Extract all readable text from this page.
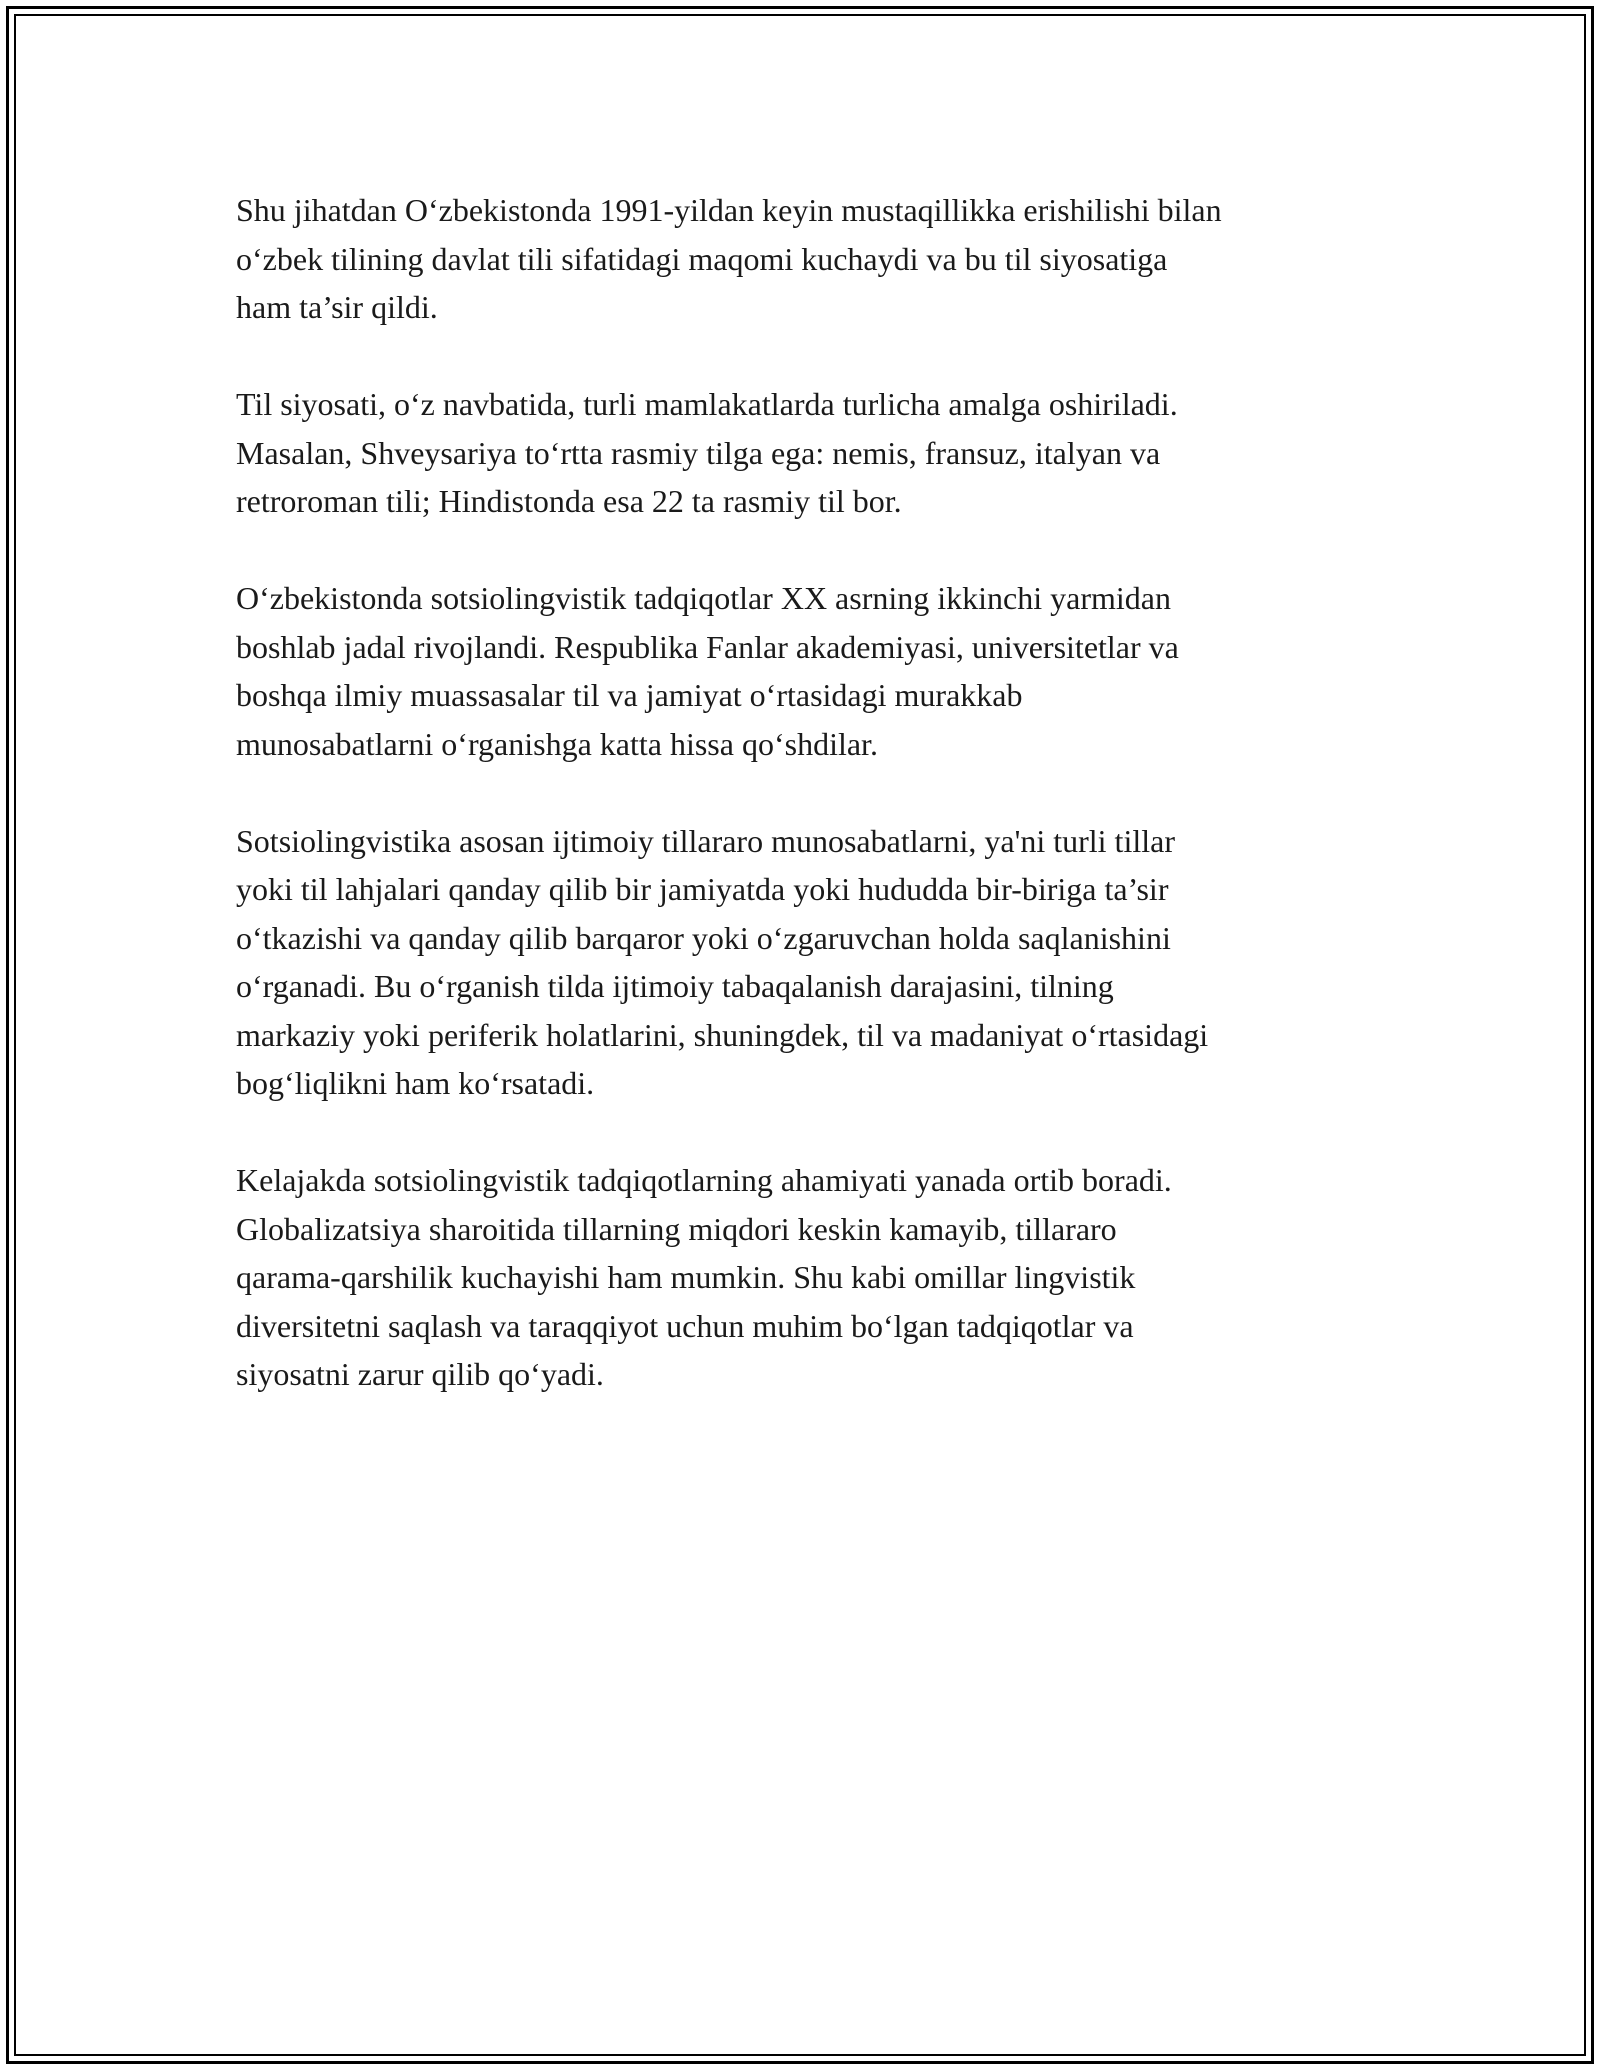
Shu jihatdan O‘zbekistonda 1991-yildan keyin mustaqillikka erishilishi bilan
o‘zbek tilining davlat tili sifatidagi maqomi kuchaydi va bu til siyosatiga
ham ta’sir qildi.

Til siyosati, o‘z navbatida, turli mamlakatlarda turlicha amalga oshiriladi.
Masalan, Shveysariya to‘rtta rasmiy tilga ega: nemis, fransuz, italyan va
retroroman tili; Hindistonda esa 22 ta rasmiy til bor.

O‘zbekistonda sotsiolingvistik tadqiqotlar XX asrning ikkinchi yarmidan
boshlab jadal rivojlandi. Respublika Fanlar akademiyasi, universitetlar va
boshqa ilmiy muassasalar til va jamiyat o‘rtasidagi murakkab
munosabatlarni o‘rganishga katta hissa qo‘shdilar.

Sotsiolingvistika asosan ijtimoiy tillararo munosabatlarni, ya'ni turli tillar
yoki til lahjalari qanday qilib bir jamiyatda yoki hududda bir-biriga ta’sir
o‘tkazishi va qanday qilib barqaror yoki o‘zgaruvchan holda saqlanishini
o‘rganadi. Bu o‘rganish tilda ijtimoiy tabaqalanish darajasini, tilning
markaziy yoki periferik holatlarini, shuningdek, til va madaniyat o‘rtasidagi
bog‘liqlikni ham ko‘rsatadi.

Kelajakda sotsiolingvistik tadqiqotlarning ahamiyati yanada ortib boradi.
Globalizatsiya sharoitida tillarning miqdori keskin kamayib, tillararo
qarama-qarshilik kuchayishi ham mumkin. Shu kabi omillar lingvistik
diversitetni saqlash va taraqqiyot uchun muhim bo‘lgan tadqiqotlar va
siyosatni zarur qilib qo‘yadi.
